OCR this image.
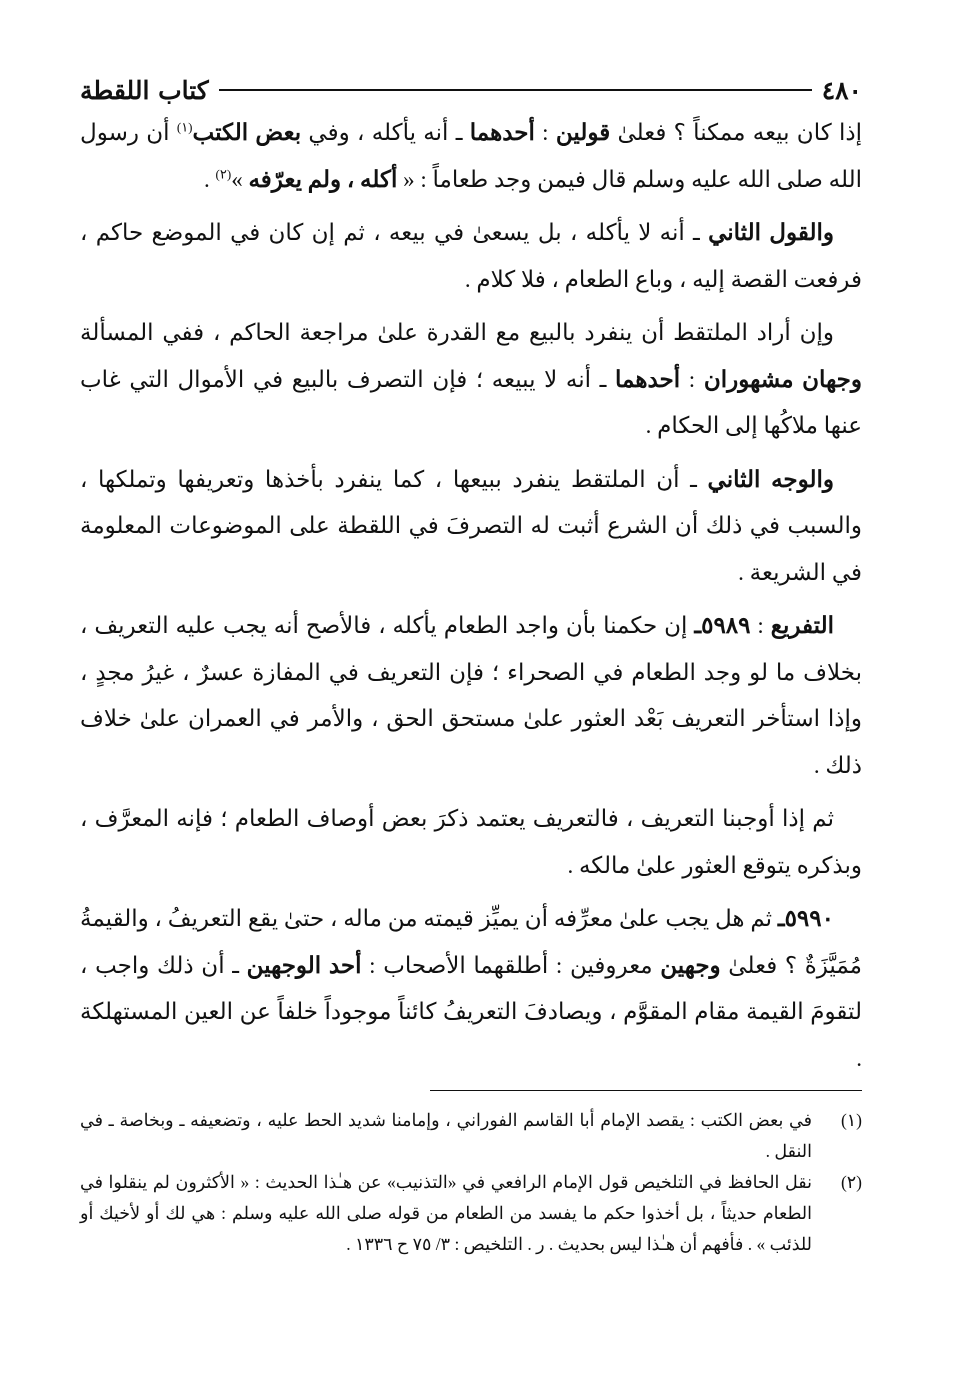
٤٨٠
كتاب اللقطة

إذا كان بيعه ممكناً ؟ فعلىٰ قولين : أحدهما ـ أنه يأكله ، وفي بعض الكتب$^{(١)}$ أن رسول الله صلى الله عليه وسلم قال فيمن وجد طعاماً : « أكله ، ولم يعرّفه »$^{(٢)}$ .

والقول الثاني ـ أنه لا يأكله ، بل يسعىٰ في بيعه ، ثم إن كان في الموضع حاكم ، فرفعت القصة إليه ، وباع الطعام ، فلا كلام .

وإن أراد الملتقط أن ينفرد بالبيع مع القدرة علىٰ مراجعة الحاكم ، ففي المسألة وجهان مشهوران : أحدهما ـ أنه لا يبيعه ؛ فإن التصرف بالبيع في الأموال التي غاب عنها ملاكُها إلى الحكام .

والوجه الثاني ـ أن الملتقط ينفرد ببيعها ، كما ينفرد بأخذها وتعريفها وتملكها ، والسبب في ذلك أن الشرع أثبت له التصرفَ في اللقطة على الموضوعات المعلومة في الشريعة .

التفريع : ٥٩٨٩ـ إن حكمنا بأن واجد الطعام يأكله ، فالأصح أنه يجب عليه التعريف ، بخلاف ما لو وجد الطعام في الصحراء ؛ فإن التعريف في المفازة عسرٌ ، غيرُ مجدٍ ، وإذا استأخر التعريف بَعْد العثور علىٰ مستحق الحق ، والأمر في العمران علىٰ خلاف ذلك .

ثم إذا أوجبنا التعريف ، فالتعريف يعتمد ذكرَ بعض أوصاف الطعام ؛ فإنه المعرَّف ، وبذكره يتوقع العثور علىٰ مالكه .

٥٩٩٠ـ ثم هل يجب علىٰ معرِّفه أن يميِّز قيمته من ماله ، حتىٰ يقع التعريفُ ، والقيمةُ مُمَيَّزَةٌ ؟ فعلىٰ وجهين معروفين : أطلقهما الأصحاب : أحد الوجهين ـ أن ذلك واجب ، لتقومَ القيمة مقام المقوَّم ، ويصادفَ التعريفُ كائناً موجوداً خلفاً عن العين المستهلكة .

(١)
في بعض الكتب : يقصد الإمام أبا القاسم الفوراني ، وإمامنا شديد الحط عليه ، وتضعيفه ـ وبخاصة ـ في النقل .
(٢)
نقل الحافظ في التلخيص قول الإمام الرافعي في «التذنيب» عن هـٰذا الحديث : « الأكثرون لم ينقلوا في الطعام حديثاً ، بل أخذوا حكم ما يفسد من الطعام من قوله صلى الله عليه وسلم : هي لك أو لأخيك أو للذئب » . فأفهم أن هـٰذا ليس بحديث . ر . التلخيص : ٣/ ٧٥ ح ١٣٣٦ .
